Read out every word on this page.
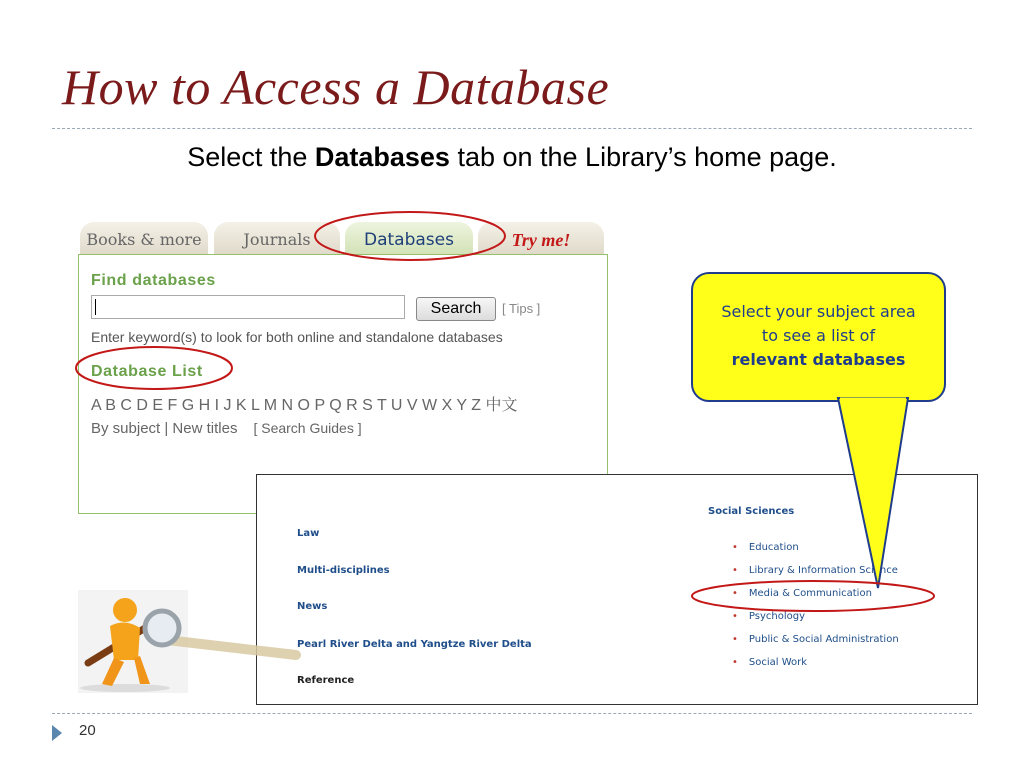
How to Access a Database
Select the Databases tab on the Library’s home page.
Books & more	Journals	Databases	Try me!
Find databases
Search	[ Tips ]
Enter keyword(s) to look for both online and standalone databases
Database List
A B C D E F G H I J K L M N O P Q R S T U V W X Y Z 中文
By subject | New titles [ Search Guides ]
Law
Multi-disciplines
News
Pearl River Delta and Yangtze River Delta
Reference
Social Sciences
• Education
• Library & Information Science
• Media & Communication
• Psychology
• Public & Social Administration
• Social Work
Select your subject area
to see a list of
relevant databases
20
